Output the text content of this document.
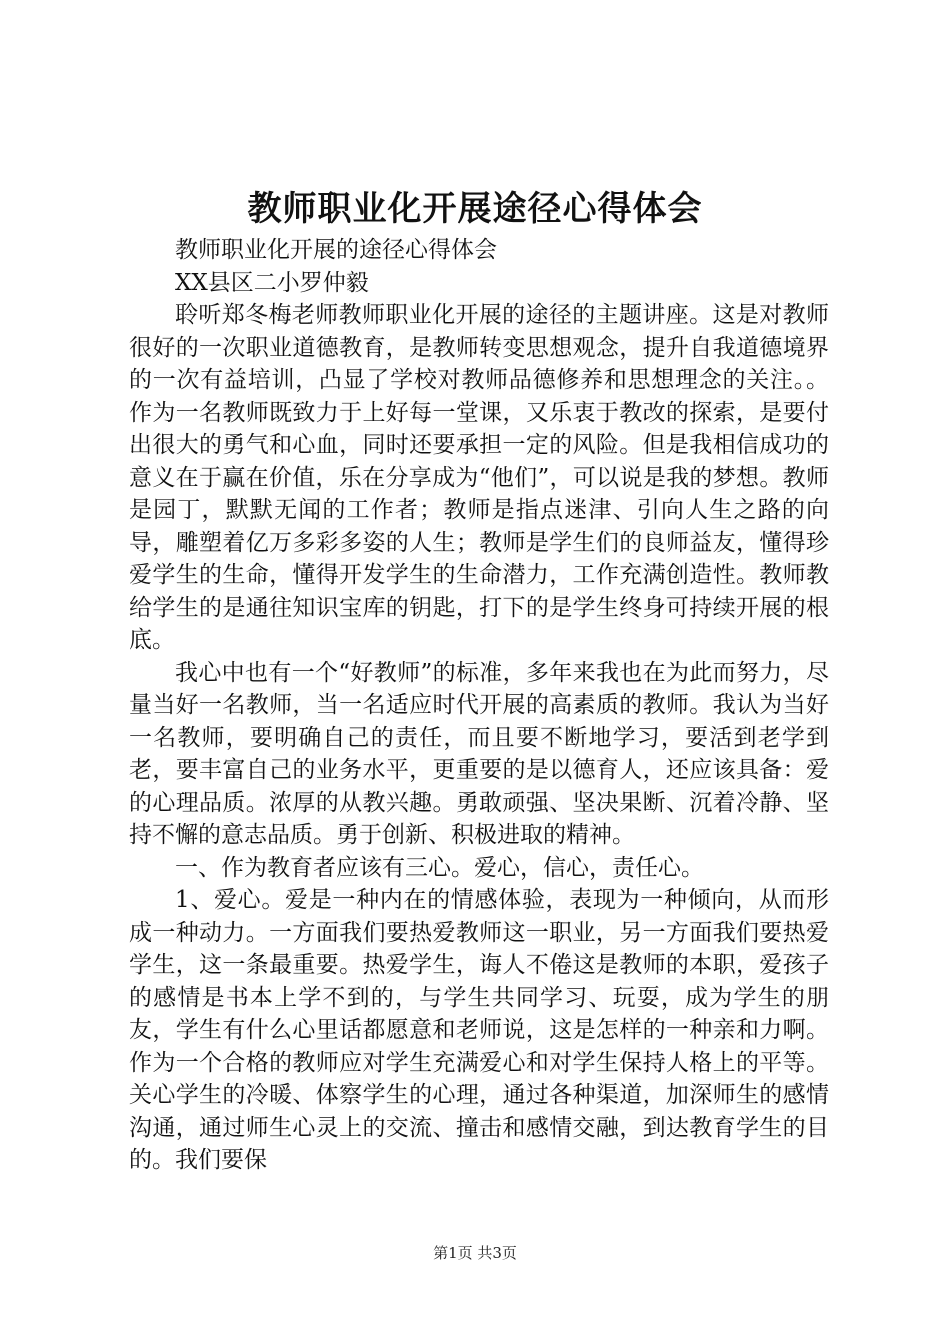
教师职业化开展途径心得体会

教师职业化开展的途径心得体会

XX县区二小罗仲毅

聆听郑冬梅老师教师职业化开展的途径的主题讲座。这是对教师很好的一次职业道德教育，是教师转变思想观念，提升自我道德境界的一次有益培训，凸显了学校对教师品德修养和思想理念的关注。。作为一名教师既致力于上好每一堂课，又乐衷于教改的探索，是要付出很大的勇气和心血，同时还要承担一定的风险。但是我相信成功的意义在于赢在价值，乐在分享成为“他们”，可以说是我的梦想。教师是园丁，默默无闻的工作者；教师是指点迷津、引向人生之路的向导，雕塑着亿万多彩多姿的人生；教师是学生们的良师益友，懂得珍爱学生的生命，懂得开发学生的生命潜力，工作充满创造性。教师教给学生的是通往知识宝库的钥匙，打下的是学生终身可持续开展的根底。

我心中也有一个“好教师”的标准，多年来我也在为此而努力，尽量当好一名教师，当一名适应时代开展的高素质的教师。我认为当好一名教师，要明确自己的责任，而且要不断地学习，要活到老学到老，要丰富自己的业务水平，更重要的是以德育人，还应该具备：爱的心理品质。浓厚的从教兴趣。勇敢顽强、坚决果断、沉着冷静、坚持不懈的意志品质。勇于创新、积极进取的精神。

一、作为教育者应该有三心。爱心，信心，责任心。

1、爱心。爱是一种内在的情感体验，表现为一种倾向，从而形成一种动力。一方面我们要热爱教师这一职业，另一方面我们要热爱学生，这一条最重要。热爱学生，诲人不倦这是教师的本职，爱孩子的感情是书本上学不到的，与学生共同学习、玩耍，成为学生的朋友，学生有什么心里话都愿意和老师说，这是怎样的一种亲和力啊。作为一个合格的教师应对学生充满爱心和对学生保持人格上的平等。关心学生的冷暖、体察学生的心理，通过各种渠道，加深师生的感情沟通，通过师生心灵上的交流、撞击和感情交融，到达教育学生的目的。我们要保

第1页 共3页
